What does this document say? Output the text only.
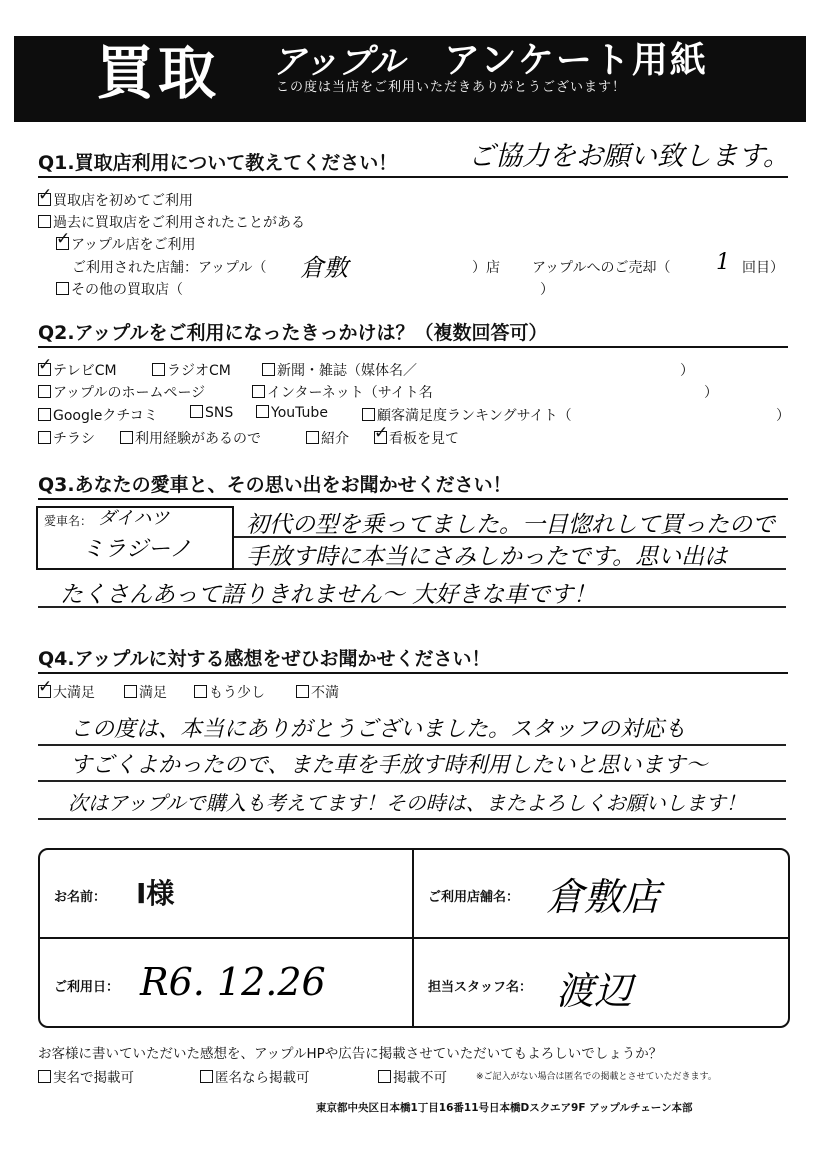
買取 アップル アンケート用紙
この度は当店をご利用いただきありがとうございます！
Q1.買取店利用について教えてください！	ご協力をお願い致します。
✓買取店を初めてご利用
過去に買取店をご利用されたことがある
✓アップル店をご利用
ご利用された店舗：アップル（ 倉敷	）店 アップルへのご売却（ 1 回目）
その他の買取店（	）
Q2.アップルをご利用になったきっかけは？（複数回答可）
✓テレビCM	ラジオCM	新聞・雑誌（媒体名／	）
アップルのホームページ	インターネット（サイト名	）
Googleクチコミ	SNS	YouTube	顧客満足度ランキングサイト（	）
チラシ	利用経験があるので	紹介
✓	看板を見て
Q3.あなたの愛車と、その思い出をお聞かせください！
愛車名： ダイハツ
ミラジーノ
初代の型を乗ってました。一目惚れして買ったので
手放す時に本当にさみしかったです。思い出は
たくさんあって語りきれません〜 大好きな車です！
Q4.アップルに対する感想をぜひお聞かせください！
✓大満足	満足	もう少し	不満
この度は、本当にありがとうございました。スタッフの対応も
すごくよかったので、また車を手放す時利用したいと思います〜
次はアップルで購入も考えてます！その時は、またよろしくお願いします！
お名前： I様	ご利用店舗名： 倉敷店
ご利用日： R6. 12.26	担当スタッフ名： 渡辺
お客様に書いていただいた感想を、アップルHPや広告に掲載させていただいてもよろしいでしょうか？
実名で掲載可	匿名なら掲載可	掲載不可	※ご記入がない場合は匿名での掲載とさせていただきます。
東京都中央区日本橋1丁目16番11号日本橋Dスクエア9F アップルチェーン本部
